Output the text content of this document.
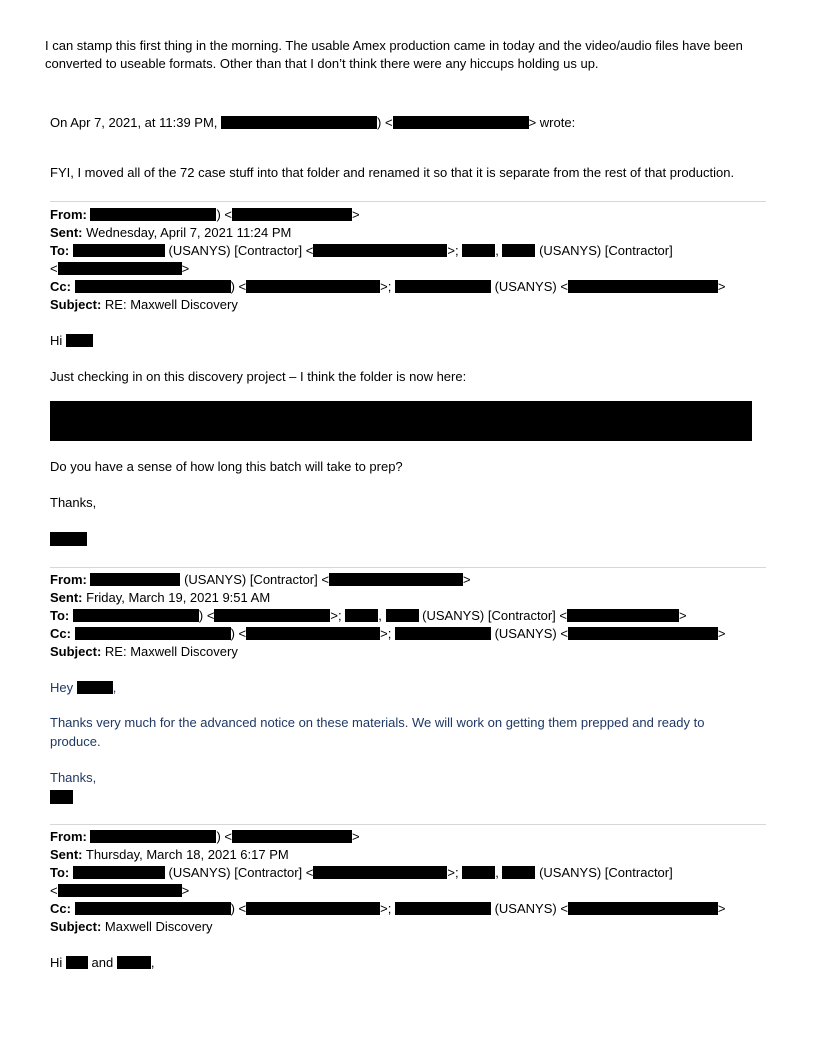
I can stamp this first thing in the morning. The usable Amex production came in today and the video/audio files have been
converted to useable formats. Other than that I don’t think there were any hiccups holding us up.
On Apr 7, 2021, at 11:39 PM,	) <	> wrote:
FYI, I moved all of the 72 case stuff into that folder and renamed it so that it is separate from the rest of that production.
From:	) <	>
Sent: Wednesday, April 7, 2021 11:24 PM
To:	(USANYS) [Contractor] <	>;	,	(USANYS) [Contractor]
<	>
Cc:	) <	>;	(USANYS) <	>
Subject: RE: Maxwell Discovery
Hi
Just checking in on this discovery project – I think the folder is now here:
Do you have a sense of how long this batch will take to prep?
Thanks,
From:	(USANYS) [Contractor] <	>
Sent: Friday, March 19, 2021 9:51 AM
To:	) <	>;	,	(USANYS) [Contractor] <	>
Cc:	) <	>;	(USANYS) <	>
Subject: RE: Maxwell Discovery
Hey	,
Thanks very much for the advanced notice on these materials. We will work on getting them prepped and ready to
produce.
Thanks,
From:	) <	>
Sent: Thursday, March 18, 2021 6:17 PM
To:	(USANYS) [Contractor] <	>;	,	(USANYS) [Contractor]
<	>
Cc:	) <	>;	(USANYS) <	>
Subject: Maxwell Discovery
Hi and	,
